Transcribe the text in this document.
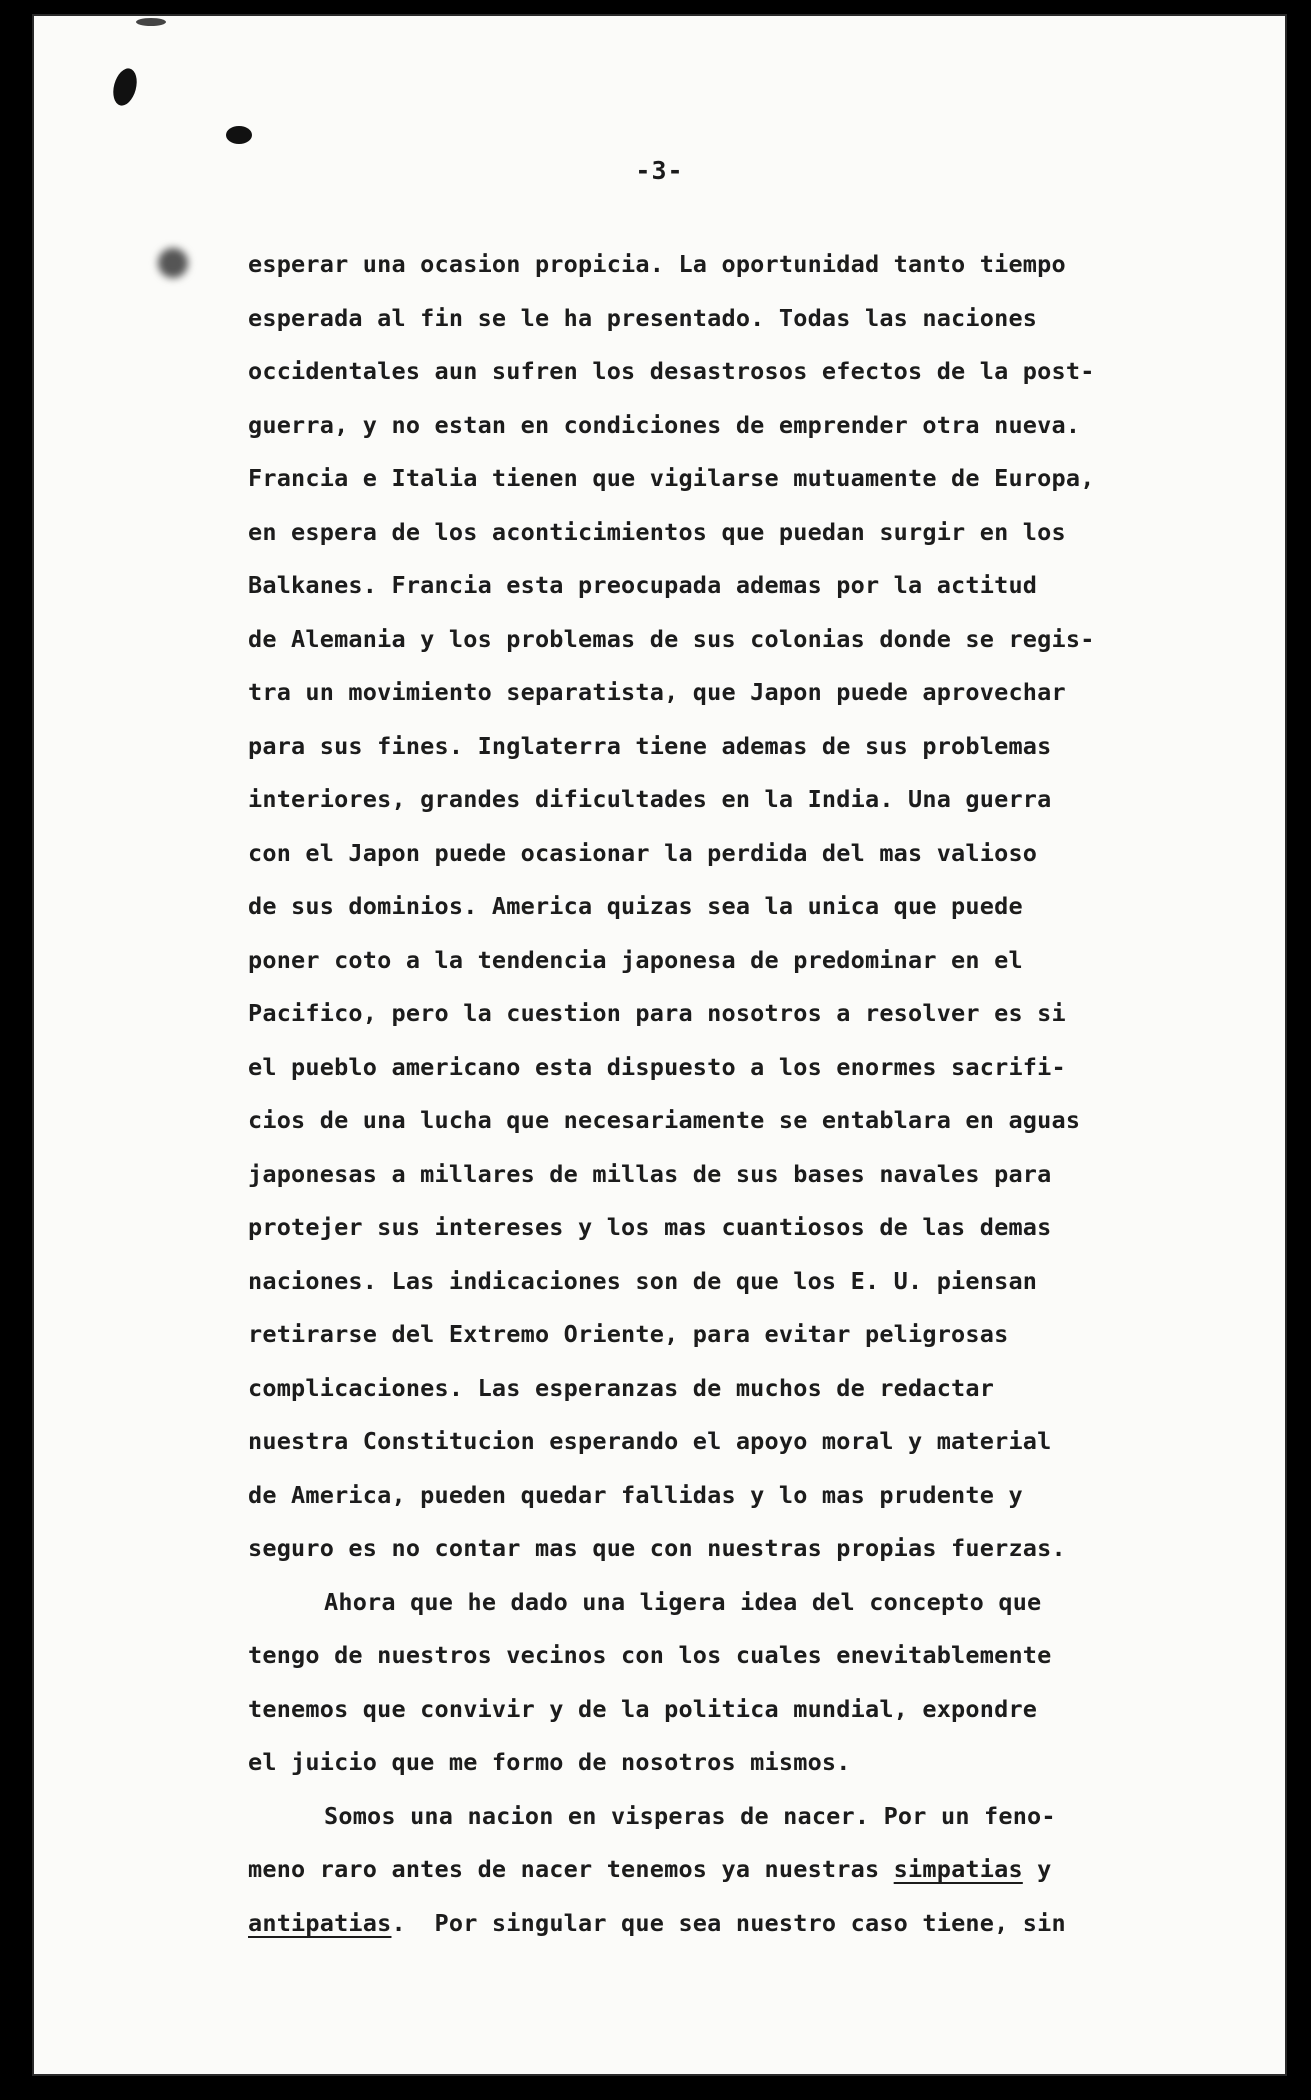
-3-
esperar una ocasion propicia. La oportunidad tanto tiempo
esperada al fin se le ha presentado. Todas las naciones
occidentales aun sufren los desastrosos efectos de la post-
guerra, y no estan en condiciones de emprender otra nueva.
Francia e Italia tienen que vigilarse mutuamente de Europa,
en espera de los aconticimientos que puedan surgir en los
Balkanes. Francia esta preocupada ademas por la actitud
de Alemania y los problemas de sus colonias donde se regis-
tra un movimiento separatista, que Japon puede aprovechar
para sus fines. Inglaterra tiene ademas de sus problemas
interiores, grandes dificultades en la India. Una guerra
con el Japon puede ocasionar la perdida del mas valioso
de sus dominios. America quizas sea la unica que puede
poner coto a la tendencia japonesa de predominar en el
Pacifico, pero la cuestion para nosotros a resolver es si
el pueblo americano esta dispuesto a los enormes sacrifi-
cios de una lucha que necesariamente se entablara en aguas
japonesas a millares de millas de sus bases navales para
protejer sus intereses y los mas cuantiosos de las demas
naciones. Las indicaciones son de que los E. U. piensan
retirarse del Extremo Oriente, para evitar peligrosas
complicaciones. Las esperanzas de muchos de redactar
nuestra Constitucion esperando el apoyo moral y material
de America, pueden quedar fallidas y lo mas prudente y
seguro es no contar mas que con nuestras propias fuerzas.
Ahora que he dado una ligera idea del concepto que
tengo de nuestros vecinos con los cuales enevitablemente
tenemos que convivir y de la politica mundial, expondre
el juicio que me formo de nosotros mismos.
Somos una nacion en visperas de nacer. Por un feno-
meno raro antes de nacer tenemos ya nuestras simpatias y
antipatias.  Por singular que sea nuestro caso tiene, sin
